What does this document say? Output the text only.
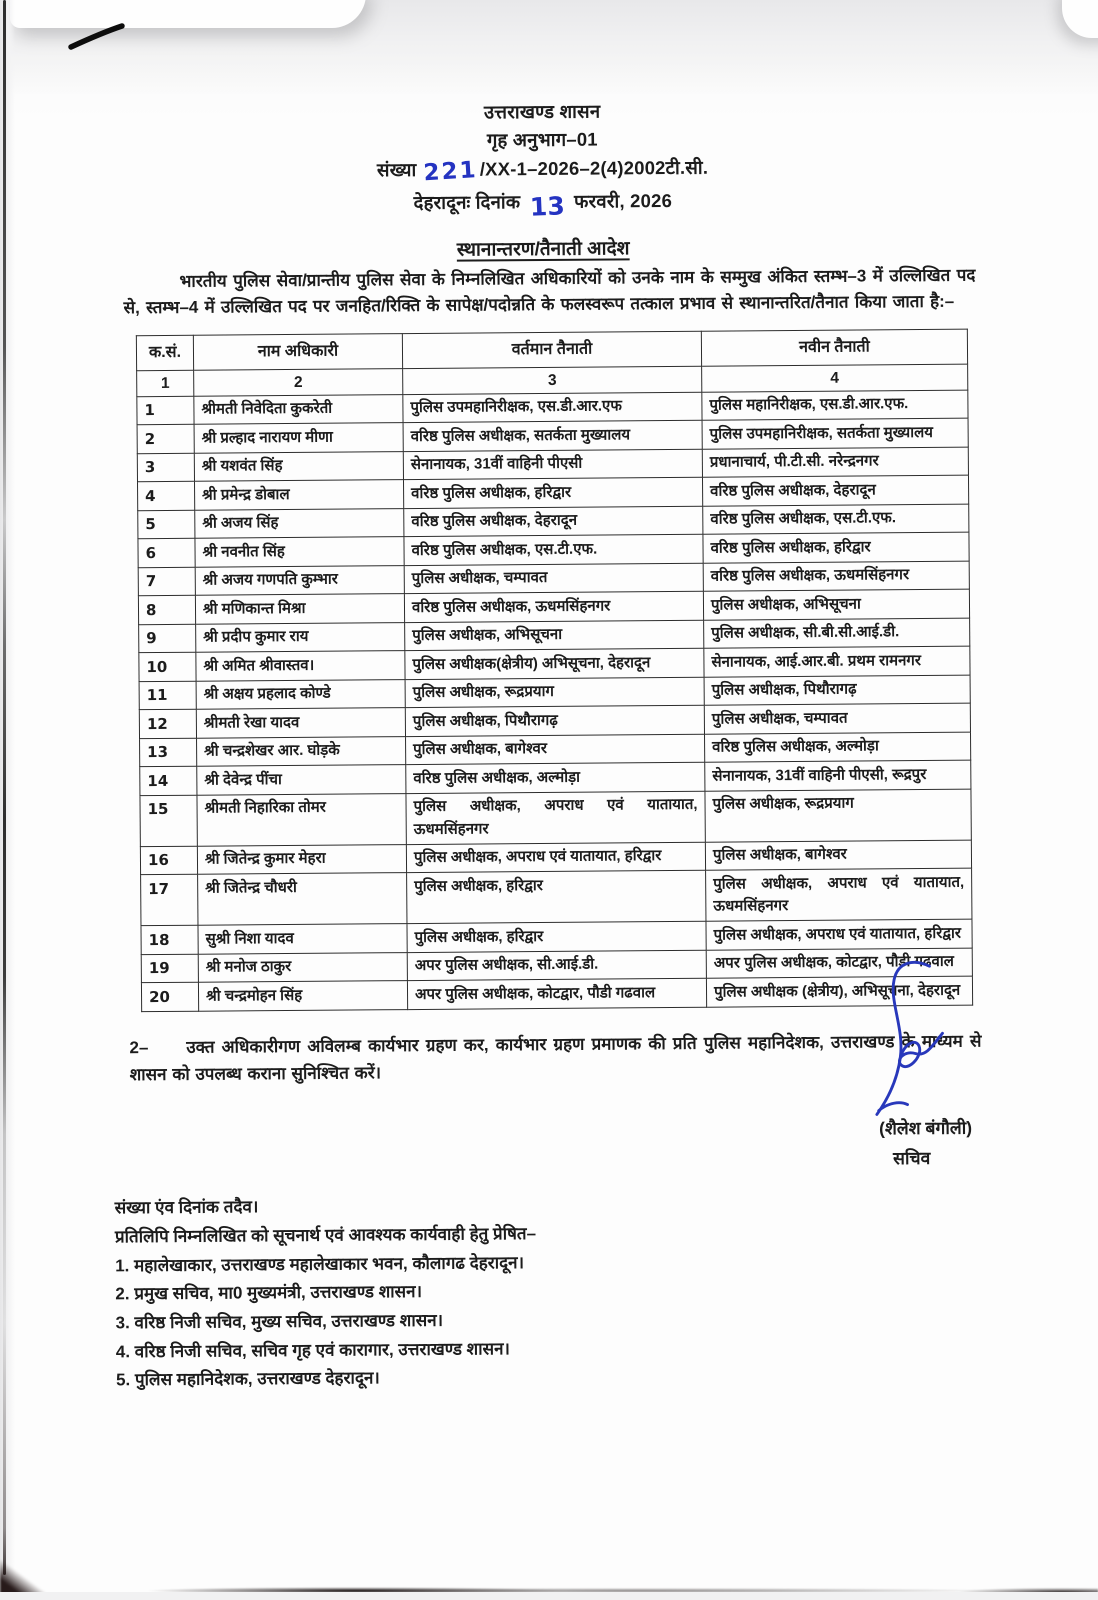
उत्तराखण्ड शासन
गृह अनुभाग–01
संख्या 221/XX-1–2026–2(4)2002टी.सी.
देहरादूनः दिनांक 13 फरवरी, 2026
स्थानान्तरण/तैनाती आदेश

भारतीय पुलिस सेवा/प्रान्तीय पुलिस सेवा के निम्नलिखित अधिकारियों को उनके नाम के सम्मुख अंकित स्तम्भ–3 में उल्लिखित पद से, स्तम्भ–4 में उल्लिखित पद पर जनहित/रिक्ति के सापेक्ष/पदोन्नति के फलस्वरूप तत्काल प्रभाव से स्थानान्तरित/तैनात किया जाता है:–

क.सं.	नाम अधिकारी	वर्तमान तैनाती	नवीन तैनाती
1	2	3	4
1	श्रीमती निवेदिता कुकरेती	पुलिस उपमहानिरीक्षक, एस.डी.आर.एफ	पुलिस महानिरीक्षक, एस.डी.आर.एफ.
2	श्री प्रल्हाद नारायण मीणा	वरिष्ठ पुलिस अधीक्षक, सतर्कता मुख्यालय	पुलिस उपमहानिरीक्षक, सतर्कता मुख्यालय
3	श्री यशवंत सिंह	सेनानायक, 31वीं वाहिनी पीएसी	प्रधानाचार्य, पी.टी.सी. नरेन्द्रनगर
4	श्री प्रमेन्द्र डोबाल	वरिष्ठ पुलिस अधीक्षक, हरिद्वार	वरिष्ठ पुलिस अधीक्षक, देहरादून
5	श्री अजय सिंह	वरिष्ठ पुलिस अधीक्षक, देहरादून	वरिष्ठ पुलिस अधीक्षक, एस.टी.एफ.
6	श्री नवनीत सिंह	वरिष्ठ पुलिस अधीक्षक, एस.टी.एफ.	वरिष्ठ पुलिस अधीक्षक, हरिद्वार
7	श्री अजय गणपति कुम्भार	पुलिस अधीक्षक, चम्पावत	वरिष्ठ पुलिस अधीक्षक, ऊधमसिंहनगर
8	श्री मणिकान्त मिश्रा	वरिष्ठ पुलिस अधीक्षक, ऊधमसिंहनगर	पुलिस अधीक्षक, अभिसूचना
9	श्री प्रदीप कुमार राय	पुलिस अधीक्षक, अभिसूचना	पुलिस अधीक्षक, सी.बी.सी.आई.डी.
10	श्री अमित श्रीवास्तव।	पुलिस अधीक्षक(क्षेत्रीय) अभिसूचना, देहरादून	सेनानायक, आई.आर.बी. प्रथम रामनगर
11	श्री अक्षय प्रहलाद कोण्डे	पुलिस अधीक्षक, रूद्रप्रयाग	पुलिस अधीक्षक, पिथौरागढ़
12	श्रीमती रेखा यादव	पुलिस अधीक्षक, पिथौरागढ़	पुलिस अधीक्षक, चम्पावत
13	श्री चन्द्रशेखर आर. घोड़के	पुलिस अधीक्षक, बागेश्वर	वरिष्ठ पुलिस अधीक्षक, अल्मोड़ा
14	श्री देवेन्द्र पींचा	वरिष्ठ पुलिस अधीक्षक, अल्मोड़ा	सेनानायक, 31वीं वाहिनी पीएसी, रूद्रपुर
15	श्रीमती निहारिका तोमर	पुलिस अधीक्षक, अपराध एवं यातायात, ऊधमसिंहनगर	पुलिस अधीक्षक, रूद्रप्रयाग
16	श्री जितेन्द्र कुमार मेहरा	पुलिस अधीक्षक, अपराध एवं यातायात, हरिद्वार	पुलिस अधीक्षक, बागेश्वर
17	श्री जितेन्द्र चौधरी	पुलिस अधीक्षक, हरिद्वार	पुलिस अधीक्षक, अपराध एवं यातायात, ऊधमसिंहनगर
18	सुश्री निशा यादव	पुलिस अधीक्षक, हरिद्वार	पुलिस अधीक्षक, अपराध एवं यातायात, हरिद्वार
19	श्री मनोज ठाकुर	अपर पुलिस अधीक्षक, सी.आई.डी.	अपर पुलिस अधीक्षक, कोटद्वार, पौडी गढवाल
20	श्री चन्द्रमोहन सिंह	अपर पुलिस अधीक्षक, कोटद्वार, पौडी गढवाल	पुलिस अधीक्षक (क्षेत्रीय), अभिसूचना, देहरादून

2– उक्त अधिकारीगण अविलम्ब कार्यभार ग्रहण कर, कार्यभार ग्रहण प्रमाणक की प्रति पुलिस महानिदेशक, उत्तराखण्ड के माध्यम से शासन को उपलब्ध कराना सुनिश्चित करें।

(शैलेश बंगौली)
सचिव
संख्या एंव दिनांक तदैव।
प्रतिलिपि निम्नलिखित को सूचनार्थ एवं आवश्यक कार्यवाही हेतु प्रेषित–
1. महालेखाकार, उत्तराखण्ड महालेखाकार भवन, कौलागढ देहरादून।
2. प्रमुख सचिव, मा0 मुख्यमंत्री, उत्तराखण्ड शासन।
3. वरिष्ठ निजी सचिव, मुख्य सचिव, उत्तराखण्ड शासन।
4. वरिष्ठ निजी सचिव, सचिव गृह एवं कारागार, उत्तराखण्ड शासन।
5. पुलिस महानिदेशक, उत्तराखण्ड देहरादून।
